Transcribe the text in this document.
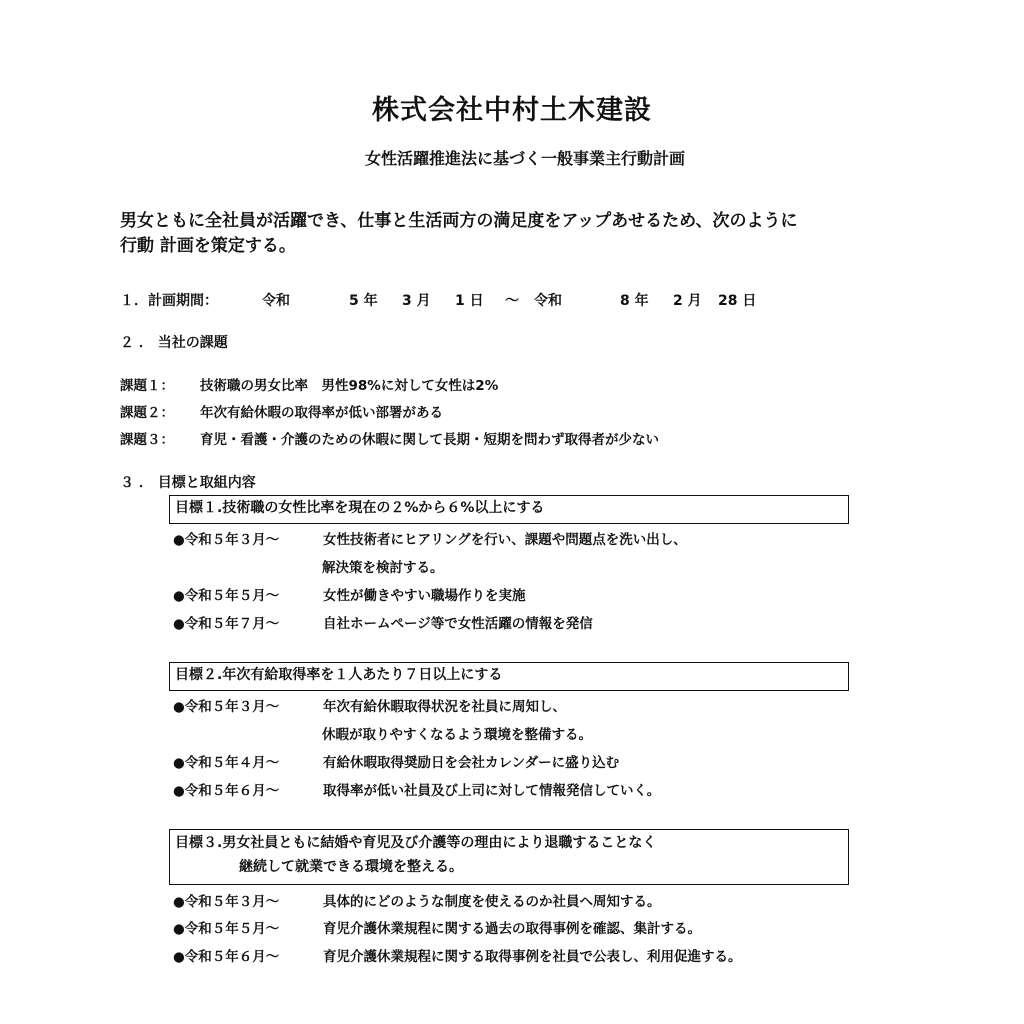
株式会社中村土木建設
女性活躍推進法に基づく一般事業主行動計画
男女ともに全社員が活躍でき、仕事と生活両方の満足度をアップあせるため、次のように
行動 計画を策定する。
１．計画期間：	令和	5 年 3 月 1 日 ～ 令和	8 年 2 月 28 日
２ ． 当社の課題
課題１： 技術職の男女比率　男性98%に対して女性は2%
課題２： 年次有給休暇の取得率が低い部署がある
課題３： 育児・看護・介護のための休暇に関して長期・短期を問わず取得者が少ない
３ ． 目標と取組内容
目標１.技術職の女性比率を現在の２%から６%以上にする
●令和５年３月～	女性技術者にヒアリングを行い、課題や問題点を洗い出し、
解決策を検討する。
●令和５年５月～	女性が働きやすい職場作りを実施
●令和５年７月～	自社ホームページ等で女性活躍の情報を発信
目標２.年次有給取得率を１人あたり７日以上にする
●令和５年３月～	年次有給休暇取得状況を社員に周知し、
休暇が取りやすくなるよう環境を整備する。
●令和５年４月～	有給休暇取得奨励日を会社カレンダーに盛り込む
●令和５年６月～	取得率が低い社員及び上司に対して情報発信していく。
目標３.男女社員ともに結婚や育児及び介護等の理由により退職することなく
継続して就業できる環境を整える。
●令和５年３月～	具体的にどのような制度を使えるのか社員へ周知する。
●令和５年５月～	育児介護休業規程に関する過去の取得事例を確認、集計する。
●令和５年６月～	育児介護休業規程に関する取得事例を社員で公表し、利用促進する。
